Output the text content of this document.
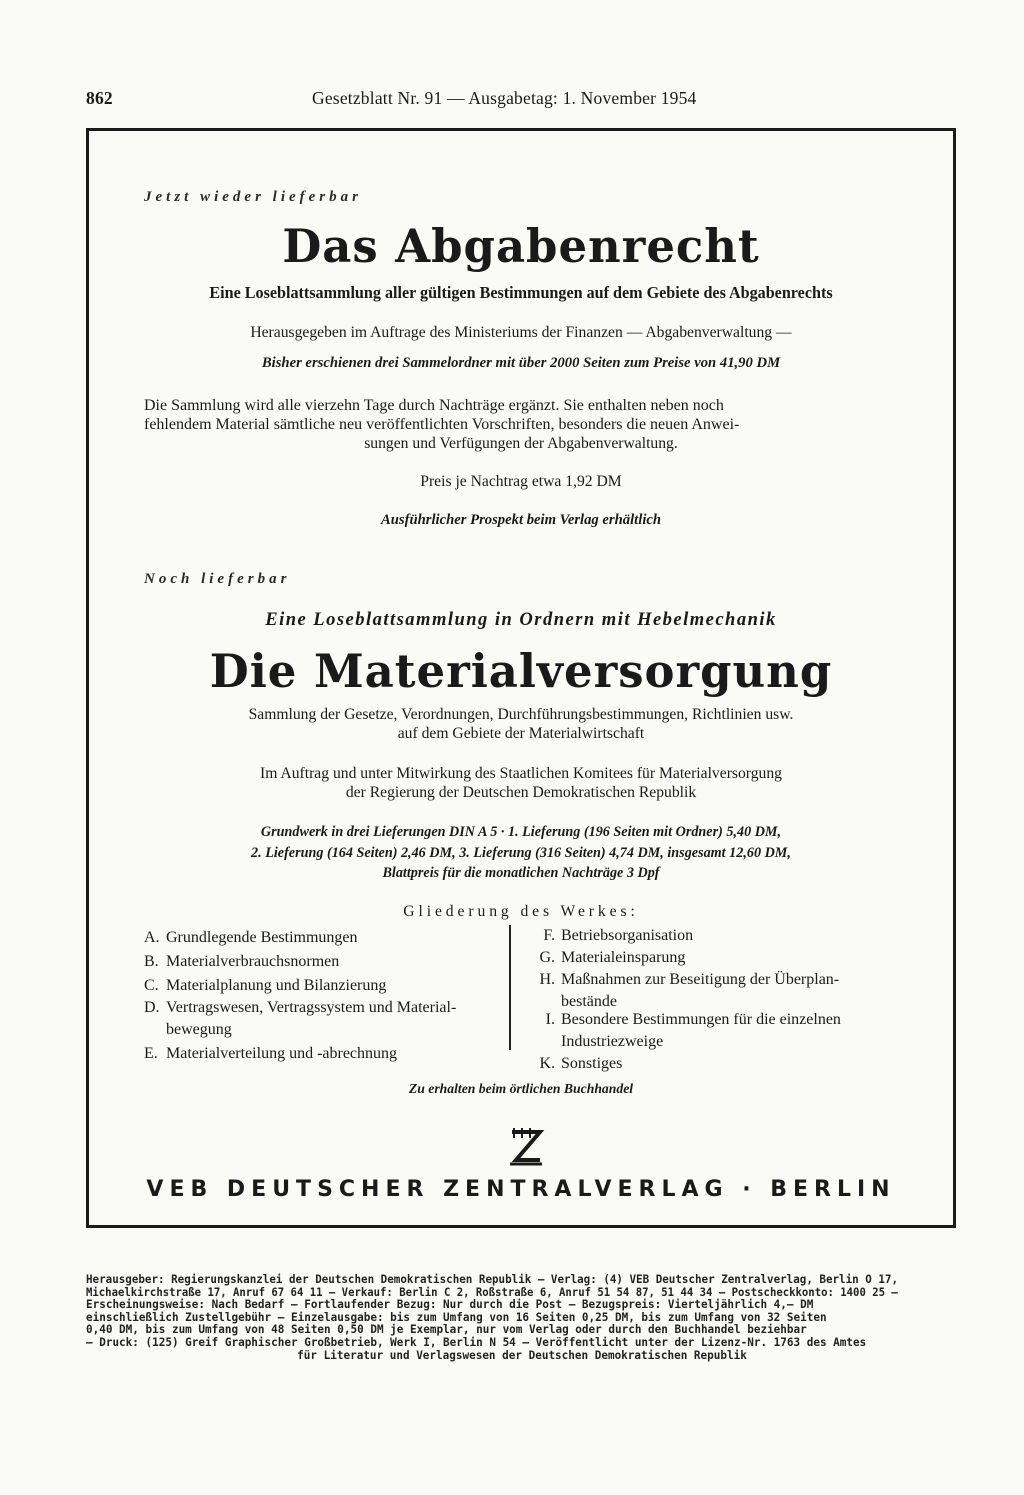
862	Gesetzblatt Nr. 91 — Ausgabetag: 1. November 1954
Jetzt wieder lieferbar
Das Abgabenrecht
Eine Loseblattsammlung aller gültigen Bestimmungen auf dem Gebiete des Abgabenrechts
Herausgegeben im Auftrage des Ministeriums der Finanzen — Abgabenverwaltung —
Bisher erschienen drei Sammelordner mit über 2000 Seiten zum Preise von 41,90 DM
Die Sammlung wird alle vierzehn Tage durch Nachträge ergänzt. Sie enthalten neben noch
fehlendem Material sämtliche neu veröffentlichten Vorschriften, besonders die neuen Anwei-
sungen und Verfügungen der Abgabenverwaltung.
Preis je Nachtrag etwa 1,92 DM
Ausführlicher Prospekt beim Verlag erhältlich
Noch lieferbar
Eine Loseblattsammlung in Ordnern mit Hebelmechanik
Die Materialversorgung
Sammlung der Gesetze, Verordnungen, Durchführungsbestimmungen, Richtlinien usw.
auf dem Gebiete der Materialwirtschaft
Im Auftrag und unter Mitwirkung des Staatlichen Komitees für Materialversorgung
der Regierung der Deutschen Demokratischen Republik
Grundwerk in drei Lieferungen DIN A 5 · 1. Lieferung (196 Seiten mit Ordner) 5,40 DM,
2. Lieferung (164 Seiten) 2,46 DM, 3. Lieferung (316 Seiten) 4,74 DM, insgesamt 12,60 DM,
Blattpreis für die monatlichen Nachträge 3 Dpf
Gliederung des Werkes:
A. Grundlegende Bestimmungen
B. Materialverbrauchsnormen
C. Materialplanung und Bilanzierung
D. Vertragswesen, Vertragssystem und Material-
bewegung
E. Materialverteilung und -abrechnung
F. Betriebsorganisation
G. Materialeinsparung
H. Maßnahmen zur Beseitigung der Überplan-
bestände
I. Besondere Bestimmungen für die einzelnen
Industriezweige
K. Sonstiges
Zu erhalten beim örtlichen Buchhandel
VEB DEUTSCHER ZENTRALVERLAG · BERLIN
Herausgeber: Regierungskanzlei der Deutschen Demokratischen Republik — Verlag: (4) VEB Deutscher Zentralverlag, Berlin O 17,
Michaelkirchstraße 17, Anruf 67 64 11 — Verkauf: Berlin C 2, Roßstraße 6, Anruf 51 54 87, 51 44 34 — Postscheckkonto: 1400 25 —
Erscheinungsweise: Nach Bedarf — Fortlaufender Bezug: Nur durch die Post — Bezugspreis: Vierteljährlich 4,— DM
einschließlich Zustellgebühr — Einzelausgabe: bis zum Umfang von 16 Seiten 0,25 DM, bis zum Umfang von 32 Seiten
0,40 DM, bis zum Umfang von 48 Seiten 0,50 DM je Exemplar, nur vom Verlag oder durch den Buchhandel beziehbar
— Druck: (125) Greif Graphischer Großbetrieb, Werk I, Berlin N 54 — Veröffentlicht unter der Lizenz-Nr. 1763 des Amtes
für Literatur und Verlagswesen der Deutschen Demokratischen Republik
